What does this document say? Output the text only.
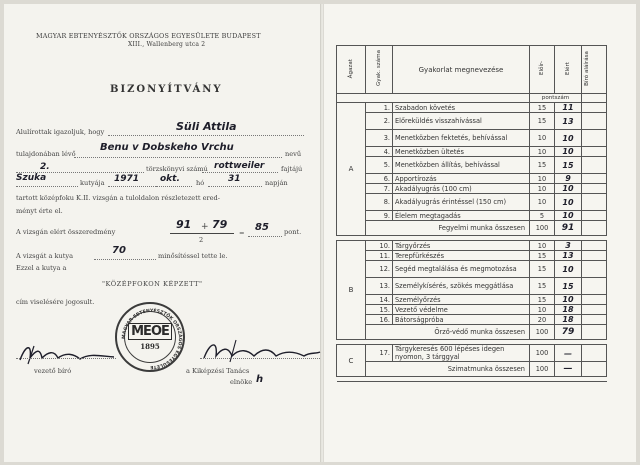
MAGYAR EBTENYÉSZTŐK ORSZÁGOS EGYESÜLETE BUDAPEST
XIII., Wallenberg utca 2
BIZONYÍTVÁNY
Alulírottak igazoljuk, hogy	Süli Attila
tulajdonában lévő
Benu v Dobskeho Vrchu
nevű
2.	törzskönyvi számú rottweiler	fajtájú
Szuka	kutyája 1971 okt. hó	31	napján
tartott középfoku K.II. vizsgán a tuloldalon részletezett ered-
ményt érte el.
A vizsgán elért összeredmény
91 + 79
2
= 85 pont.
A vizsgát a kutya	70	minősítéssel tette le.
Ezzel a kutya a
"KÖZÉPFOKON KÉPZETT"
cím viselésére jogosult.
MAGYAR EBTENYÉSZTŐK ORSZÁGOS EGYESÜLETE
MEOE
1895
vezető bíró	a Kiképzési Tanács
elnöke h
Ágazat	Gyak. száma	Gyakorlat megnevezése	Előír-	Elért	Bíró aláírása
			pontszám		
A	1.	Szabadon követés	15	11	
	2.	Előreküldés visszahívással	15	13	
	3.	Menetközben fektetés, behívással	10	10	
	4.	Menetközben ültetés	10	10	
	5.	Menetközben állítás, behívással	15	15	
	6.	Apportírozás	10	9	
	7.	Akadályugrás (100 cm)	10	10	
	8.	Akadályugrás érintéssel (150 cm)	10	10	
	9.	Élelem megtagadás	5	10	
	Fegyelmi munka összesen		100	91	

B	10.	Tárgyőrzés	10	3	
	11.	Terepfürkészés	15	13	
	12.	Segéd megtalálása és megmotozása	15	10	
	13.	Személykísérés, szökés meggátlása	15	15	
	14.	Személyőrzés	15	10	
	15.	Vezető védelme	10	18	
	16.	Bátorságpróba	20	18	
	Őrző-védő munka összesen		100	79	

C	17.	Tárgykeresés 600 lépéses idegen nyomon, 3 tárggyal	100	—	
	Szimatmunka összesen		100	—	
